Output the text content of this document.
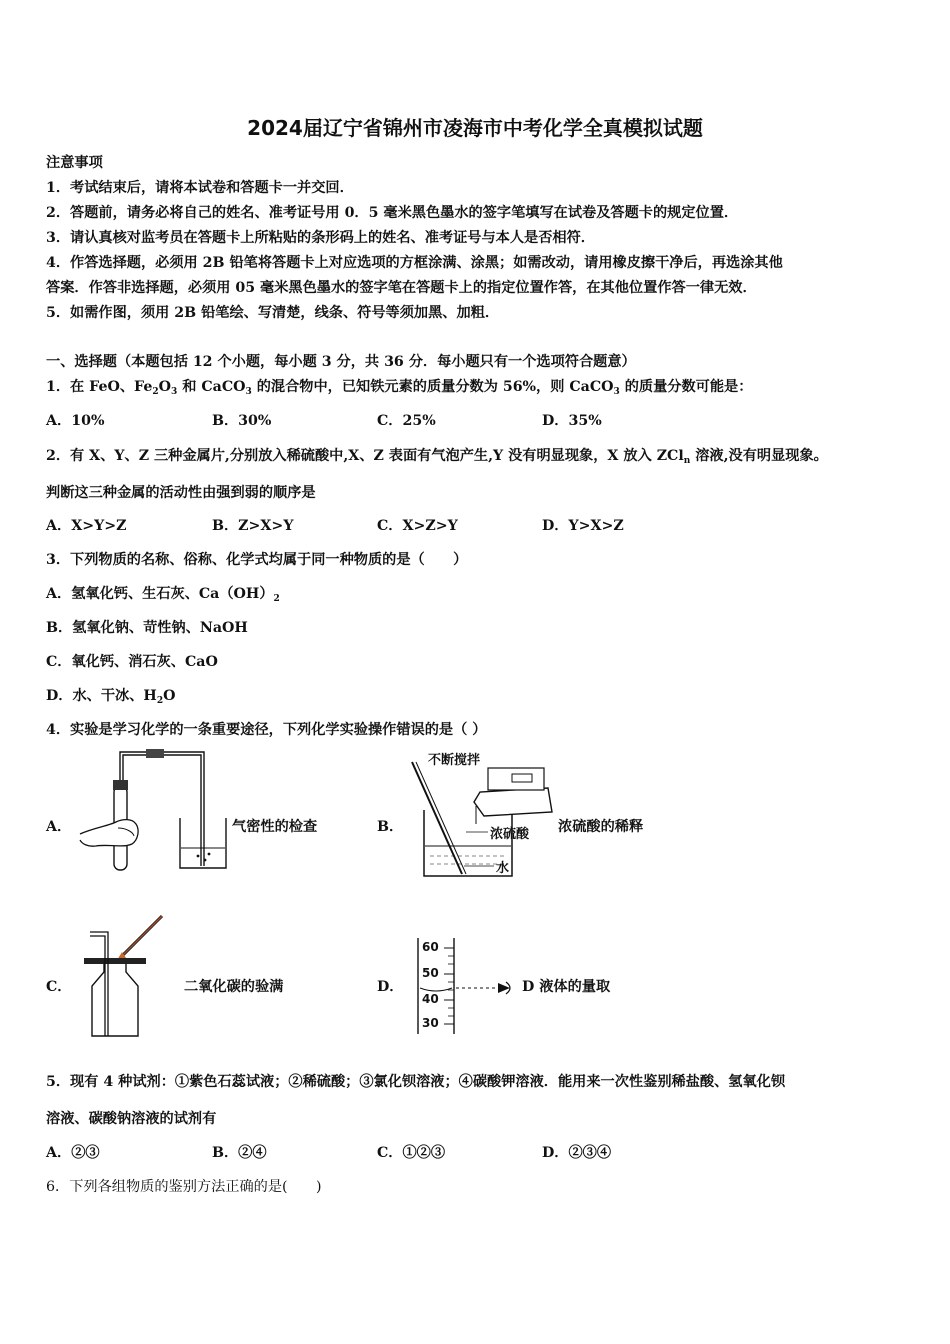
2024届辽宁省锦州市凌海市中考化学全真模拟试题
注意事项
1．考试结束后，请将本试卷和答题卡一并交回．
2．答题前，请务必将自己的姓名、准考证号用 0．5 毫米黑色墨水的签字笔填写在试卷及答题卡的规定位置．
3．请认真核对监考员在答题卡上所粘贴的条形码上的姓名、准考证号与本人是否相符．
4．作答选择题，必须用 2B 铅笔将答题卡上对应选项的方框涂满、涂黑；如需改动，请用橡皮擦干净后，再选涂其他
答案．作答非选择题，必须用 05 毫米黑色墨水的签字笔在答题卡上的指定位置作答，在其他位置作答一律无效．
5．如需作图，须用 2B 铅笔绘、写清楚，线条、符号等须加黑、加粗．
一、选择题（本题包括 12 个小题，每小题 3 分，共 36 分．每小题只有一个选项符合题意）
1．在 FeO、$Fe_2O_3$ 和 CaCO$_3$ 的混合物中，已知铁元素的质量分数为 56%，则 CaCO$_3$ 的质量分数可能是：
A．10%	B．30%	C．25%	D．35%
2．有 X、Y、Z 三种金属片,分别放入稀硫酸中,X、Z 表面有气泡产生,Y 没有明显现象，X 放入 ZCl$_n$ 溶液,没有明显现象。
判断这三种金属的活动性由强到弱的顺序是
A．X>Y>Z	B．Z>X>Y	C．X>Z>Y	D．Y>X>Z
3．下列物质的名称、俗称、化学式均属于同一种物质的是（　　）
A．氢氧化钙、生石灰、$Ca(OH)_2$
B．氢氧化钠、苛性钠、NaOH
C．氧化钙、消石灰、CaO
D．水、干冰、$H_2O$
4．实验是学习化学的一条重要途径，下列化学实验操作错误的是（ ）
A．	气密性的检查	B．
不断搅拌
浓硫酸
水
浓硫酸的稀释
C．	二氧化碳的验满	D．
60
50
40
30
D 液体的量取
5．现有 4 种试剂：①紫色石蕊试液；②稀硫酸；③氯化钡溶液；④碳酸钾溶液．能用来一次性鉴别稀盐酸、氢氧化钡
溶液、碳酸钠溶液的试剂有
A．②③	B．②④	C．①②③	D．②③④
6．下列各组物质的鉴别方法正确的是(　　)
